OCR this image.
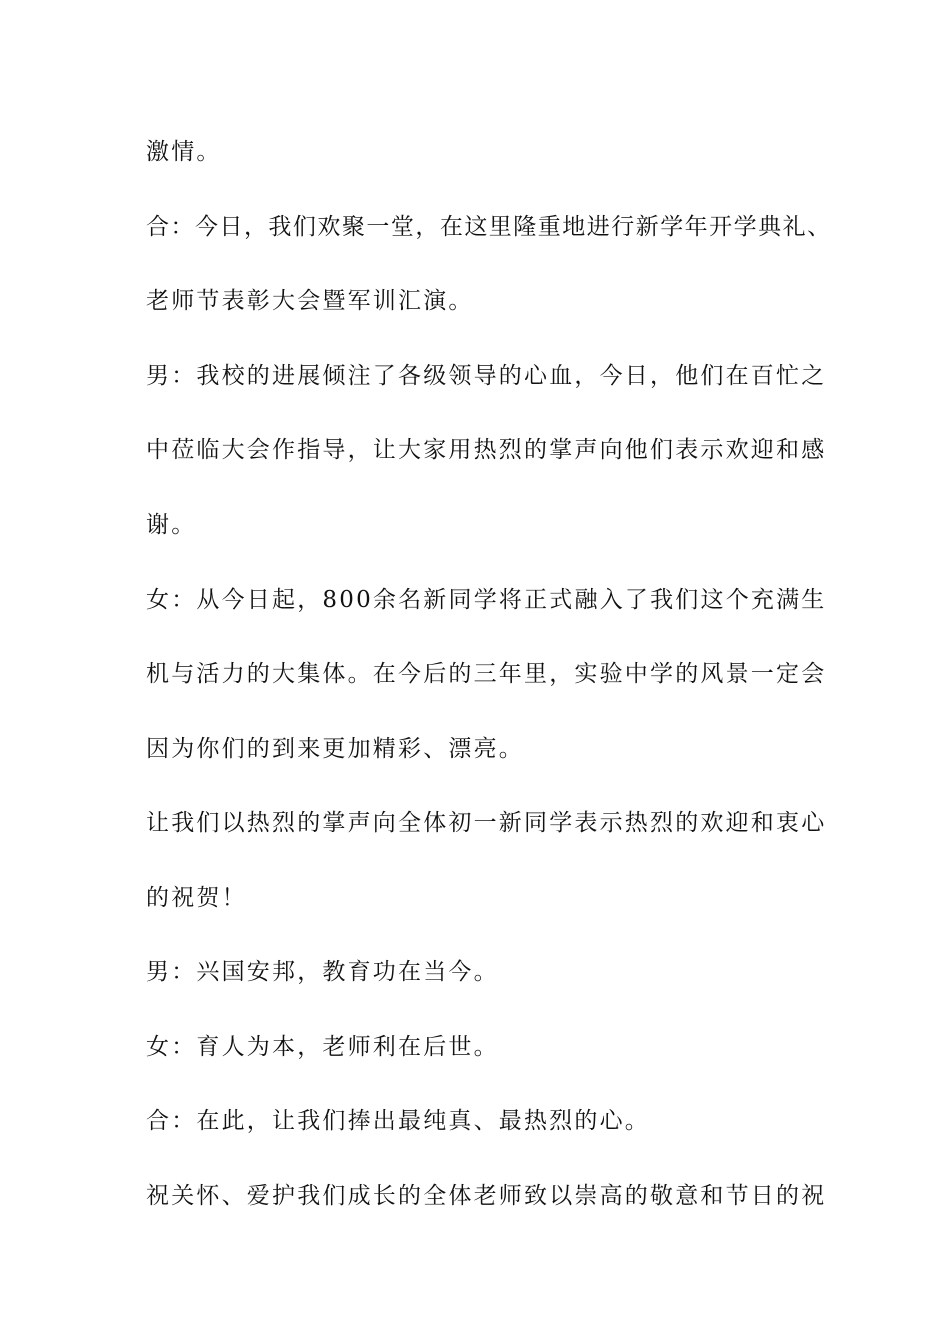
激情。
合：今日，我们欢聚一堂，在这里隆重地进行新学年开学典礼、
老师节表彰大会暨军训汇演。
男：我校的进展倾注了各级领导的心血，今日，他们在百忙之
中莅临大会作指导，让大家用热烈的掌声向他们表示欢迎和感
谢。
女：从今日起，800余名新同学将正式融入了我们这个充满生
机与活力的大集体。在今后的三年里，实验中学的风景一定会
因为你们的到来更加精彩、漂亮。
让我们以热烈的掌声向全体初一新同学表示热烈的欢迎和衷心
的祝贺！
男：兴国安邦，教育功在当今。
女：育人为本，老师利在后世。
合：在此，让我们捧出最纯真、最热烈的心。
祝关怀、爱护我们成长的全体老师致以崇高的敬意和节日的祝
